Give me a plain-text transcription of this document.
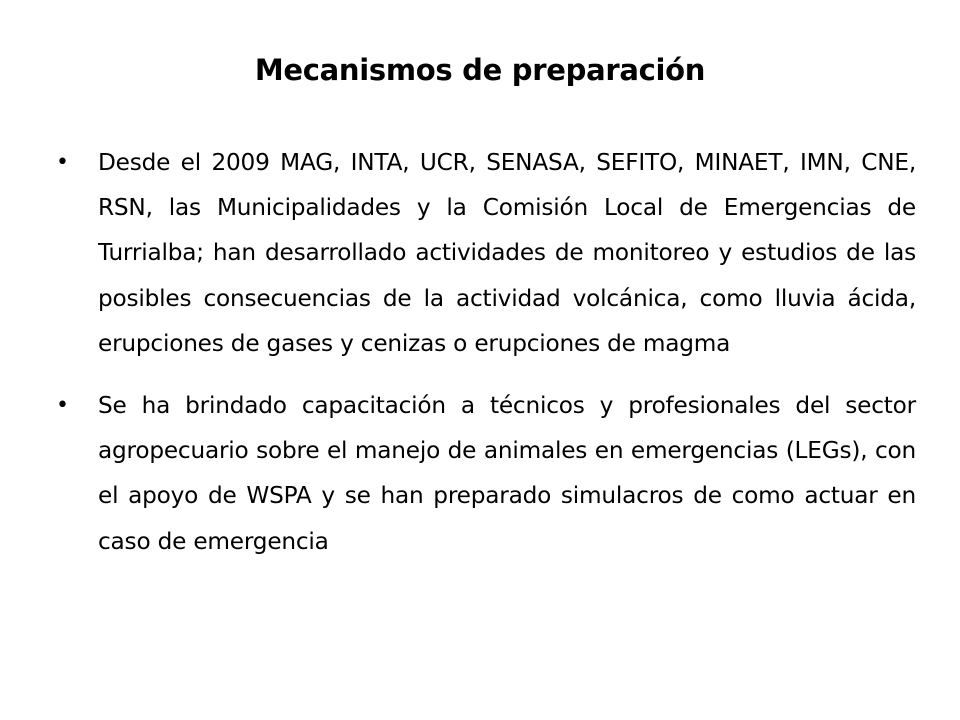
Mecanismos de preparación
• Desde el 2009 MAG, INTA, UCR, SENASA, SEFITO, MINAET, IMN, CNE, RSN, las Municipalidades y la Comisión Local de Emergencias de Turrialba; han desarrollado actividades de monitoreo y estudios de las posibles consecuencias de la actividad volcánica, como lluvia ácida, erupciones de gases y cenizas o erupciones de magma
• Se ha brindado capacitación a técnicos y profesionales del sector agropecuario sobre el manejo de animales en emergencias (LEGs), con el apoyo de WSPA y se han preparado simulacros de como actuar en caso de emergencia
